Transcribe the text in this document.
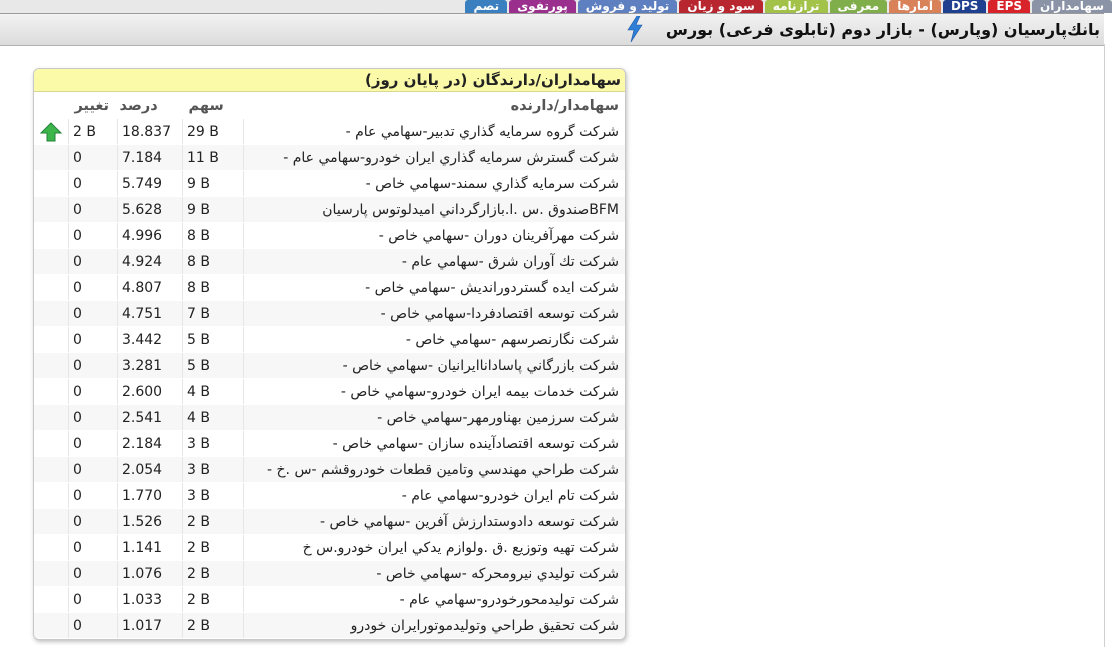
سهامداران
EPS
DPS
آمارها
معرفی
ترازنامه
سود و زیان
تولید و فروش
پورتفوی
تصم
بانك‌پارسيان (وپارس) - بازار دوم (تابلوی فرعی) بورس
سهامداران/دارندگان (در پایان روز)
سهامدار/دارنده	سهم	درصد	تغییر	
شرکت گروه سرمايه گذاري تدبير-سهامي عام -	29 B	18.837	2 B	
شرکت گسترش سرمايه گذاري ايران خودرو-سهامي عام -	11 B	7.184	0	
شرکت سرمايه گذاري سمند-سهامي خاص -	9 B	5.749	0	
BFMصندوق .س .ا.بازارگرداني اميدلوتوس پارسيان	9 B	5.628	0	
شرکت مهرآفرينان دوران -سهامي خاص -	8 B	4.996	0	
شرکت تك آوران شرق -سهامي عام -	8 B	4.924	0	
شرکت ايده گستردورانديش -سهامي خاص -	8 B	4.807	0	
شرکت توسعه اقتصادفردا-سهامي خاص -	7 B	4.751	0	
شرکت نگارنصرسهم -سهامي خاص -	5 B	3.442	0	
شرکت بازرگاني پاساداناايرانيان -سهامي خاص -	5 B	3.281	0	
شرکت خدمات بيمه ايران خودرو-سهامي خاص -	4 B	2.600	0	
شرکت سرزمين بهناورمهر-سهامي خاص -	4 B	2.541	0	
شرکت توسعه اقتصادآينده سازان -سهامي خاص -	3 B	2.184	0	
شرکت طراحي مهندسي وتامين قطعات خودروقشم -س .خ -	3 B	2.054	0	
شرکت تام ايران خودرو-سهامي عام -	3 B	1.770	0	
شرکت توسعه دادوستدارزش آفرين -سهامي خاص -	2 B	1.526	0	
شرکت تهيه وتوزيع .ق .ولوازم يدكي ايران خودرو.س خ	2 B	1.141	0	
شرکت توليدي نيرومحركه -سهامي خاص -	2 B	1.076	0	
شرکت توليدمحورخودرو-سهامي عام -	2 B	1.033	0	
شرکت تحقيق طراحي وتوليدموتورايران خودرو	2 B	1.017	0	
